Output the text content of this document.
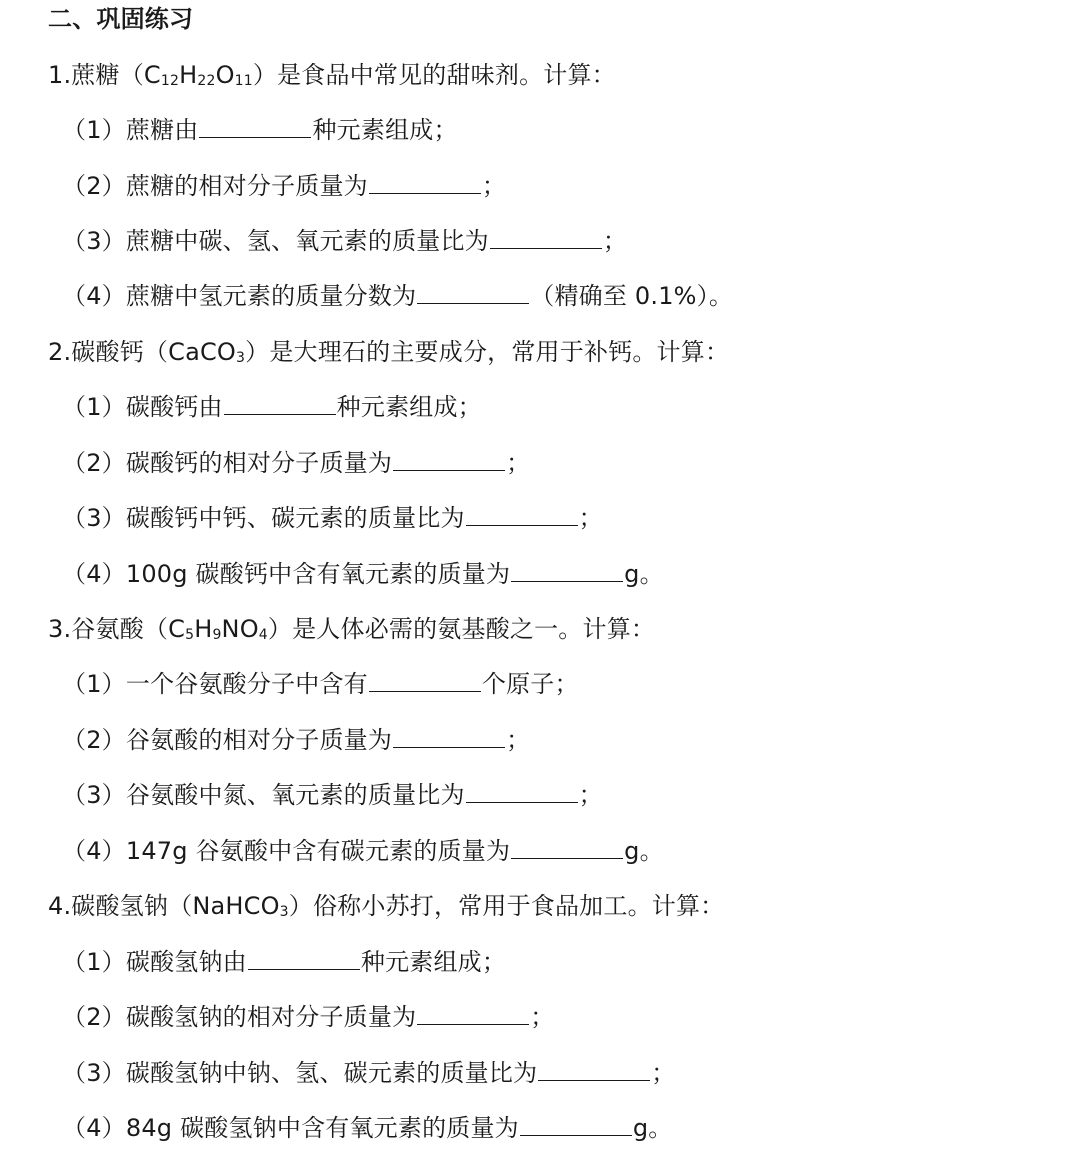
二、巩固练习
1.蔗糖$(C_{12}H_{22}O_{11})$是食品中常见的甜味剂。计算：
（1）蔗糖由	种元素组成；
（2）蔗糖的相对分子质量为	；
（3）蔗糖中碳、氢、氧元素的质量比为	；
（4）蔗糖中氢元素的质量分数为	（精确至 0.1%）。
2.碳酸钙（CaCO$_3$）是大理石的主要成分，常用于补钙。计算：
（1）碳酸钙由	种元素组成；
（2）碳酸钙的相对分子质量为	；
（3）碳酸钙中钙、碳元素的质量比为	；
（4）100g 碳酸钙中含有氧元素的质量为	g。
3.谷氨酸$(C_5H_9NO_4)$是人体必需的氨基酸之一。计算：
（1）一个谷氨酸分子中含有	个原子；
（2）谷氨酸的相对分子质量为	；
（3）谷氨酸中氮、氧元素的质量比为	；
（4）147g 谷氨酸中含有碳元素的质量为	g。
4.碳酸氢钠（NaHCO$_3$）俗称小苏打，常用于食品加工。计算：
（1）碳酸氢钠由	种元素组成；
（2）碳酸氢钠的相对分子质量为	；
（3）碳酸氢钠中钠、氢、碳元素的质量比为	；
（4）84g 碳酸氢钠中含有氧元素的质量为	g。
